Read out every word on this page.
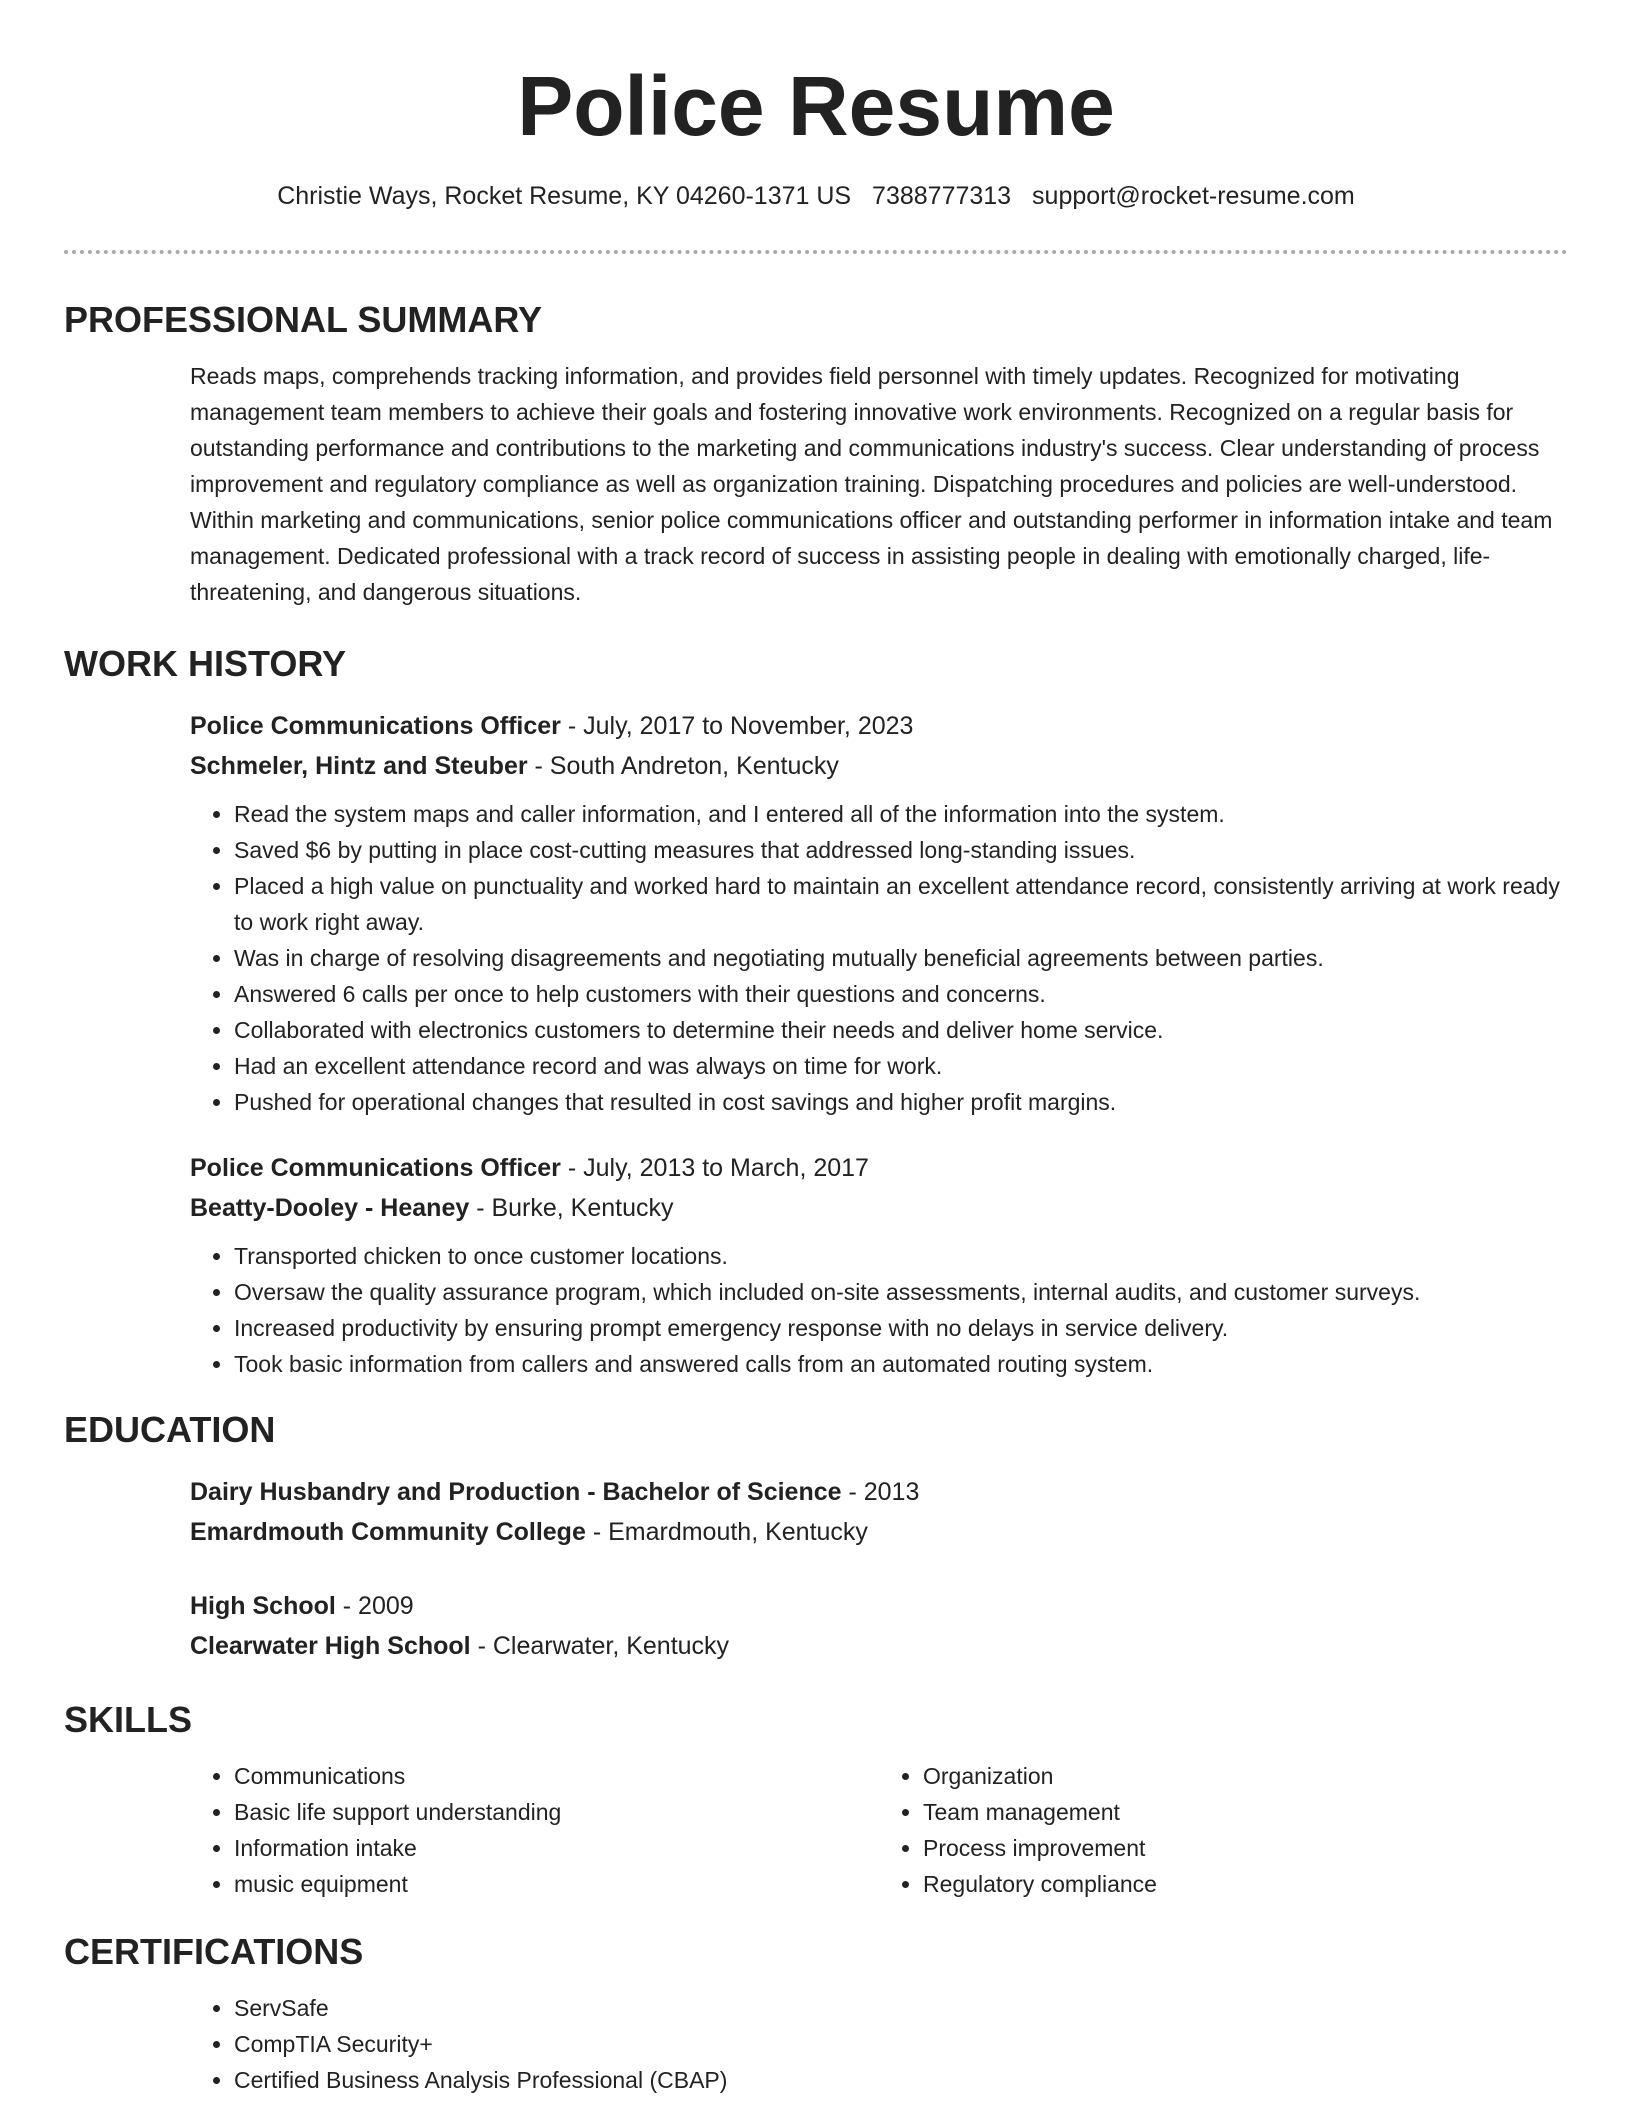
Police Resume
Christie Ways, Rocket Resume, KY 04260-1371 US 7388777313 support@rocket-resume.com
PROFESSIONAL SUMMARY

Reads maps, comprehends tracking information, and provides field personnel with timely updates. Recognized for motivating management team members to achieve their goals and fostering innovative work environments. Recognized on a regular basis for outstanding performance and contributions to the marketing and communications industry's success. Clear understanding of process improvement and regulatory compliance as well as organization training. Dispatching procedures and policies are well-understood. Within marketing and communications, senior police communications officer and outstanding performer in information intake and team management. Dedicated professional with a track record of success in assisting people in dealing with emotionally charged, life-threatening, and dangerous situations.

WORK HISTORY

Police Communications Officer - July, 2017 to November, 2023

Schmeler, Hintz and Steuber - South Andreton, Kentucky

• Read the system maps and caller information, and I entered all of the information into the system.
• Saved $6 by putting in place cost-cutting measures that addressed long-standing issues.
• Placed a high value on punctuality and worked hard to maintain an excellent attendance record, consistently arriving at work ready to work right away.
• Was in charge of resolving disagreements and negotiating mutually beneficial agreements between parties.
• Answered 6 calls per once to help customers with their questions and concerns.
• Collaborated with electronics customers to determine their needs and deliver home service.
• Had an excellent attendance record and was always on time for work.
• Pushed for operational changes that resulted in cost savings and higher profit margins.

Police Communications Officer - July, 2013 to March, 2017

Beatty-Dooley - Heaney - Burke, Kentucky

• Transported chicken to once customer locations.
• Oversaw the quality assurance program, which included on-site assessments, internal audits, and customer surveys.
• Increased productivity by ensuring prompt emergency response with no delays in service delivery.
• Took basic information from callers and answered calls from an automated routing system.
EDUCATION

Dairy Husbandry and Production - Bachelor of Science - 2013

Emardmouth Community College - Emardmouth, Kentucky

High School - 2009

Clearwater High School - Clearwater, Kentucky

SKILLS
• Communications
• Basic life support understanding
• Information intake
• music equipment
• Organization
• Team management
• Process improvement
• Regulatory compliance
CERTIFICATIONS
• ServSafe
• CompTIA Security+
• Certified Business Analysis Professional (CBAP)
